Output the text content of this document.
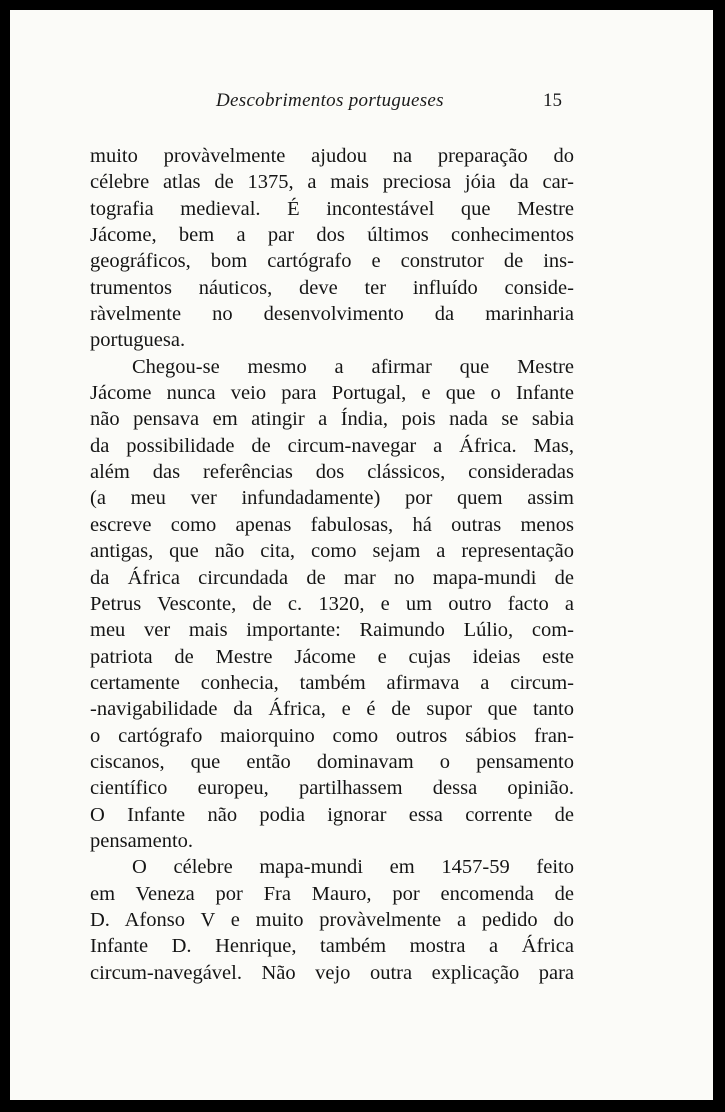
Descobrimentos portugueses	15
muito provàvelmente ajudou na preparação do
célebre atlas de 1375, a mais preciosa jóia da car-
tografia medieval. É incontestável que Mestre
Jácome, bem a par dos últimos conhecimentos
geográficos, bom cartógrafo e construtor de ins-
trumentos náuticos, deve ter influído conside-
ràvelmente no desenvolvimento da marinharia
portuguesa.
Chegou-se mesmo a afirmar que Mestre
Jácome nunca veio para Portugal, e que o Infante
não pensava em atingir a Índia, pois nada se sabia
da possibilidade de circum-navegar a África. Mas,
além das referências dos clássicos, consideradas
(a meu ver infundadamente) por quem assim
escreve como apenas fabulosas, há outras menos
antigas, que não cita, como sejam a representação
da África circundada de mar no mapa-mundi de
Petrus Vesconte, de c. 1320, e um outro facto a
meu ver mais importante: Raimundo Lúlio, com-
patriota de Mestre Jácome e cujas ideias este
certamente conhecia, também afirmava a circum-
-navigabilidade da África, e é de supor que tanto
o cartógrafo maiorquino como outros sábios fran-
ciscanos, que então dominavam o pensamento
científico europeu, partilhassem dessa opinião.
O Infante não podia ignorar essa corrente de
pensamento.
O célebre mapa-mundi em 1457-59 feito
em Veneza por Fra Mauro, por encomenda de
D. Afonso V e muito provàvelmente a pedido do
Infante D. Henrique, também mostra a África
circum-navegável. Não vejo outra explicação para
